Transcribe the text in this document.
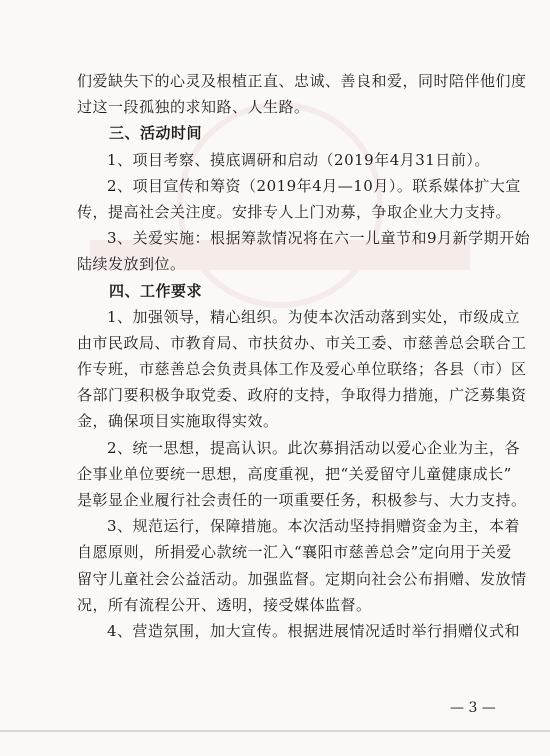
们爱缺失下的心灵及根植正直、忠诚、善良和爱，同时陪伴他们度
过这一段孤独的求知路、人生路。
三、活动时间
1、项目考察、摸底调研和启动（2019年4月31日前）。
2、项目宣传和筹资（2019年4月—10月）。联系媒体扩大宣
传，提高社会关注度。安排专人上门劝募，争取企业大力支持。
3、关爱实施：根据筹款情况将在六一儿童节和9月新学期开始
陆续发放到位。
四、工作要求
1、加强领导，精心组织。为使本次活动落到实处，市级成立
由市民政局、市教育局、市扶贫办、市关工委、市慈善总会联合工
作专班，市慈善总会负责具体工作及爱心单位联络；各县（市）区
各部门要积极争取党委、政府的支持，争取得力措施，广泛募集资
金，确保项目实施取得实效。
2、统一思想，提高认识。此次募捐活动以爱心企业为主，各
企事业单位要统一思想，高度重视，把“关爱留守儿童健康成长”
是彰显企业履行社会责任的一项重要任务，积极参与、大力支持。
3、规范运行，保障措施。本次活动坚持捐赠资金为主，本着
自愿原则，所捐爱心款统一汇入“襄阳市慈善总会”定向用于关爱
留守儿童社会公益活动。加强监督。定期向社会公布捐赠、发放情
况，所有流程公开、透明，接受媒体监督。
4、营造氛围，加大宣传。根据进展情况适时举行捐赠仪式和
— 3 —
